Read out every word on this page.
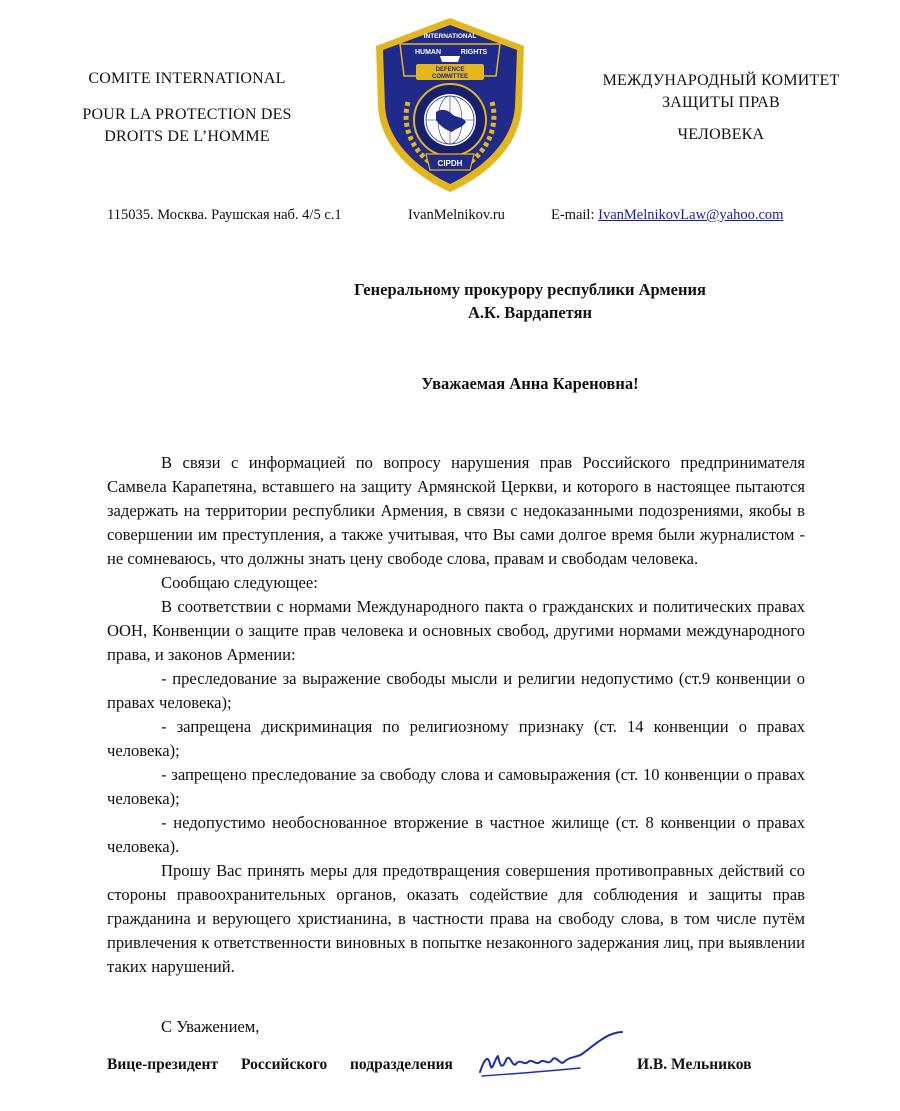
COMITE INTERNATIONAL
POUR LA PROTECTION DES
DROITS DE L’HOMME
INTERNATIONAL
HUMAN	RIGHTS
DEFENCE
COMMITTEE
CIPDH
МЕЖДУНАРОДНЫЙ КОМИТЕТ
ЗАЩИТЫ ПРАВ
ЧЕЛОВЕКА
115035. Москва. Раушская наб. 4/5 с.1	IvanMelnikov.ru	E-mail: IvanMelnikovLaw@yahoo.com
Генеральному прокурору республики Армения
А.К. Вардапетян
Уважаемая Анна Кареновна!

В связи с информацией по вопросу нарушения прав Российского предпринимателя Самвела Карапетяна, вставшего на защиту Армянской Церкви, и которого в настоящее пытаются задержать на территории республики Армения, в связи с недоказанными подозрениями, якобы в совершении им преступления, а также учитывая, что Вы сами долгое время были журналистом - не сомневаюсь, что должны знать цену свободе слова, правам и свободам человека.

Сообщаю следующее:

В соответствии с нормами Международного пакта о гражданских и политических правах ООН, Конвенции о защите прав человека и основных свобод, другими нормами международного права, и законов Армении:

- преследование за выражение свободы мысли и религии недопустимо (ст.9 конвенции о правах человека);

- запрещена дискриминация по религиозному признаку (ст. 14 конвенции о правах человека);

- запрещено преследование за свободу слова и самовыражения (ст. 10 конвенции о правах человека);

- недопустимо необоснованное вторжение в частное жилище (ст. 8 конвенции о правах человека).

Прошу Вас принять меры для предотвращения совершения противоправных действий со стороны правоохранительных органов, оказать содействие для соблюдения и защиты прав гражданина и верующего христианина, в частности права на свободу слова, в том числе путём привлечения к ответственности виновных в попытке незаконного задержания лиц, при выявлении таких нарушений.

С Уважением,
Вице-президент Российского подразделения	И.В. Мельников
